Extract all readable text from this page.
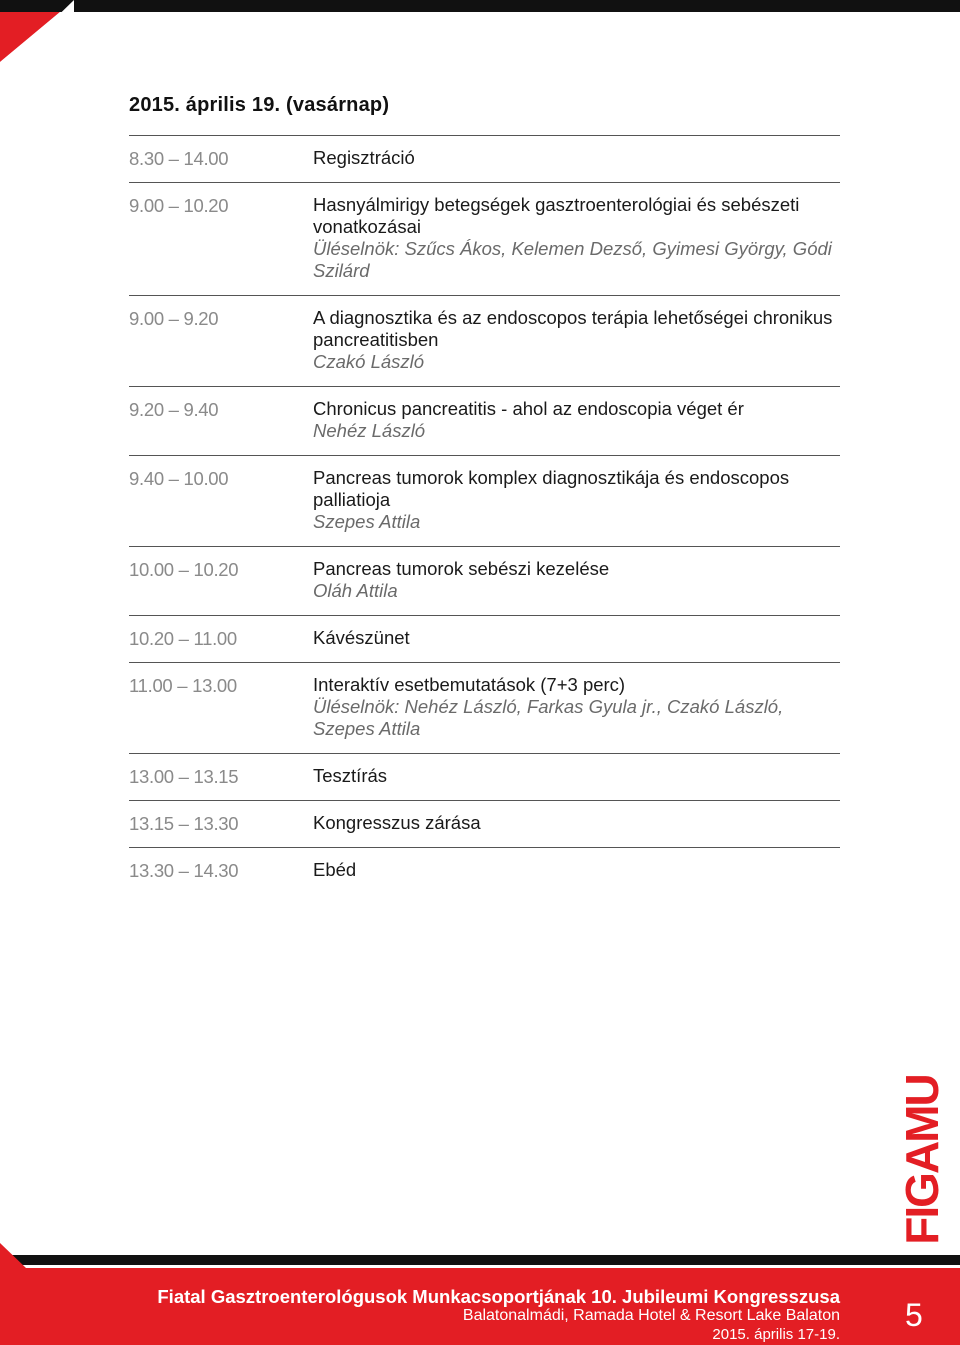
2015. április 19. (vasárnap)
8.30 – 14.00	Regisztráció
9.00 – 10.20	Hasnyálmirigy betegségek gasztroenterológiai és sebészeti vonatkozásai
Üléselnök: Szűcs Ákos, Kelemen Dezső, Gyimesi György, Gódi Szilárd
9.00 – 9.20	A diagnosztika és az endoscopos terápia lehetőségei chronikus pancreatitisben
Czakó László
9.20 – 9.40	Chronicus pancreatitis - ahol az endoscopia véget ér
Nehéz László
9.40 – 10.00	Pancreas tumorok komplex diagnosztikája és endoscopos palliatioja
Szepes Attila
10.00 – 10.20	Pancreas tumorok sebészi kezelése
Oláh Attila
10.20 – 11.00	Kávészünet
11.00 – 13.00	Interaktív esetbemutatások (7+3 perc)
Üléselnök: Nehéz László, Farkas Gyula jr., Czakó László, Szepes Attila
13.00 – 13.15	Tesztírás
13.15 – 13.30	Kongresszus zárása
13.30 – 14.30	Ebéd
FIGAMU
Fiatal Gasztroenterológusok Munkacsoportjának 10. Jubileumi Kongresszusa
Balatonalmádi, Ramada Hotel & Resort Lake Balaton
2015. április 17-19.
5
